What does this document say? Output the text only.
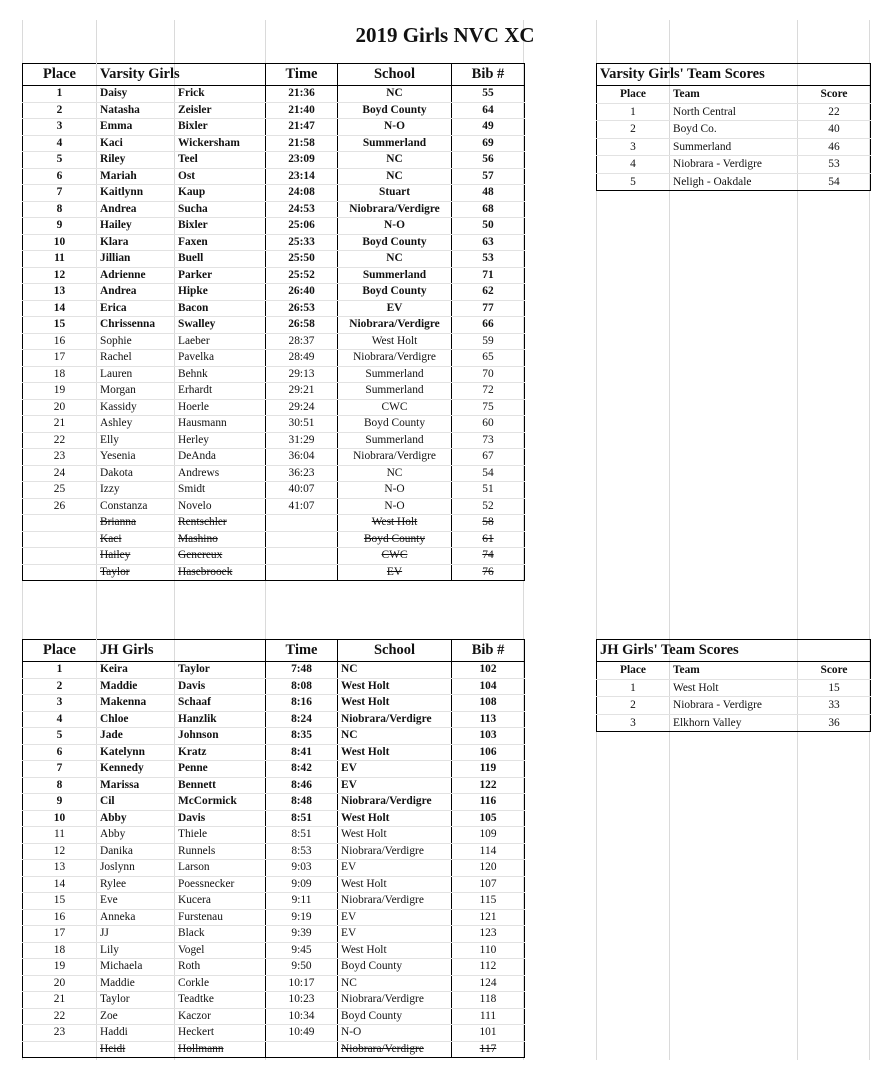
2019 Girls NVC XC
Place	Varsity Girls		Time	School	Bib #
1	Daisy	Frick	21:36	NC	55
2	Natasha	Zeisler	21:40	Boyd County	64
3	Emma	Bixler	21:47	N-O	49
4	Kaci	Wickersham	21:58	Summerland	69
5	Riley	Teel	23:09	NC	56
6	Mariah	Ost	23:14	NC	57
7	Kaitlynn	Kaup	24:08	Stuart	48
8	Andrea	Sucha	24:53	Niobrara/Verdigre	68
9	Hailey	Bixler	25:06	N-O	50
10	Klara	Faxen	25:33	Boyd County	63
11	Jillian	Buell	25:50	NC	53
12	Adrienne	Parker	25:52	Summerland	71
13	Andrea	Hipke	26:40	Boyd County	62
14	Erica	Bacon	26:53	EV	77
15	Chrissenna	Swalley	26:58	Niobrara/Verdigre	66
16	Sophie	Laeber	28:37	West Holt	59
17	Rachel	Pavelka	28:49	Niobrara/Verdigre	65
18	Lauren	Behnk	29:13	Summerland	70
19	Morgan	Erhardt	29:21	Summerland	72
20	Kassidy	Hoerle	29:24	CWC	75
21	Ashley	Hausmann	30:51	Boyd County	60
22	Elly	Herley	31:29	Summerland	73
23	Yesenia	DeAnda	36:04	Niobrara/Verdigre	67
24	Dakota	Andrews	36:23	NC	54
25	Izzy	Smidt	40:07	N-O	51
26	Constanza	Novelo	41:07	N-O	52
	Brianna	Rentschler		West Holt	58
	Kaci	Mashino		Boyd County	61
	Hailey	Genereux		CWC	74
	Taylor	Hasebrooek		EV	76
Place	JH Girls		Time	School	Bib #
1	Keira	Taylor	7:48	NC	102
2	Maddie	Davis	8:08	West Holt	104
3	Makenna	Schaaf	8:16	West Holt	108
4	Chloe	Hanzlik	8:24	Niobrara/Verdigre	113
5	Jade	Johnson	8:35	NC	103
6	Katelynn	Kratz	8:41	West Holt	106
7	Kennedy	Penne	8:42	EV	119
8	Marissa	Bennett	8:46	EV	122
9	Cil	McCormick	8:48	Niobrara/Verdigre	116
10	Abby	Davis	8:51	West Holt	105
11	Abby	Thiele	8:51	West Holt	109
12	Danika	Runnels	8:53	Niobrara/Verdigre	114
13	Joslynn	Larson	9:03	EV	120
14	Rylee	Poessnecker	9:09	West Holt	107
15	Eve	Kucera	9:11	Niobrara/Verdigre	115
16	Anneka	Furstenau	9:19	EV	121
17	JJ	Black	9:39	EV	123
18	Lily	Vogel	9:45	West Holt	110
19	Michaela	Roth	9:50	Boyd County	112
20	Maddie	Corkle	10:17	NC	124
21	Taylor	Teadtke	10:23	Niobrara/Verdigre	118
22	Zoe	Kaczor	10:34	Boyd County	111
23	Haddi	Heckert	10:49	N-O	101
	Heidi	Hollmann		Niobrara/Verdigre	117
Varsity Girls' Team Scores		
Place	Team	Score
1	North Central	22
2	Boyd Co.	40
3	Summerland	46
4	Niobrara - Verdigre	53
5	Neligh - Oakdale	54
JH Girls' Team Scores		
Place	Team	Score
1	West Holt	15
2	Niobrara - Verdigre	33
3	Elkhorn Valley	36
